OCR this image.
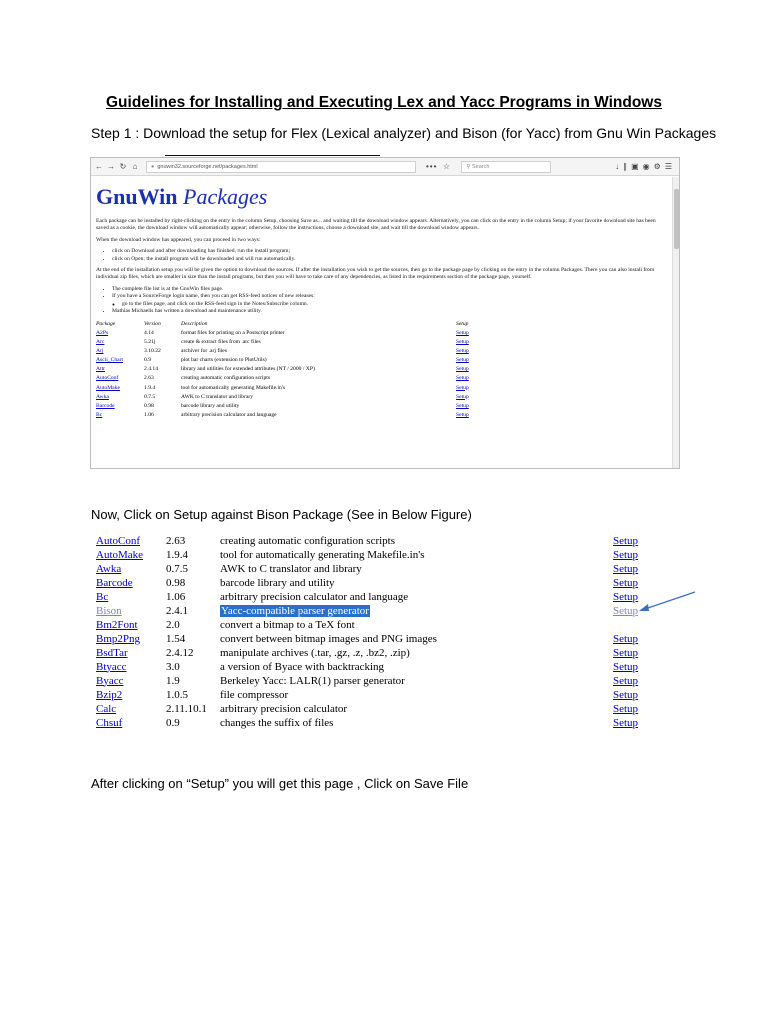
Guidelines for Installing and Executing Lex and Yacc Programs in Windows
Step 1 : Download the setup for Flex (Lexical analyzer) and Bison (for Yacc) from Gnu Win Packages
← → ↻ ⌂	● gnuwin32.sourceforge.net/packages.html	••• ☆	⚲ Search	↓∥▣◉⚙☰
GnuWin Packages

Each package can be installed by right-clicking on the entry in the column Setup, choosing Save as... and waiting till the download window appears. Alternatively, you can click on the entry in the column Setup; if your favorite download site has been saved as a cookie, the download window will automatically appear; otherwise, follow the instructions, choose a download site, and wait till the download window appears.

When the download window has appeared, you can proceed in two ways:

• click on Download and after downloading has finished, run the install program;
• click on Open; the install program will be downloaded and will run automatically.

At the end of the installation setup you will be given the option to download the sources. If after the installation you wish to get the sources, then go to the package page by clicking on the entry in the column Packages. There you can also install from individual zip files, which are smaller in size than the install programs, but then you will have to take care of any dependencies, as listed in the requirements section of the package page, yourself.

• The complete file list is at the GnuWin files page.
• If you have a SourceForge login name, then you can get RSS-feed notices of new releases:
◦ go to the files page, and click on the RSS-feed sign in the Notes/Subscribe column.
• Mathias Michaelis has written a download and maintenance utility.
Package	Version	Description	Setup
A2Ps	4.14	format files for printing on a Postscript printer	Setup
Arc	5.21j	create & extract files from .arc files	Setup
Arj	3.10.22	archiver for .arj files	Setup
Ascii_Chart	0.9	plot bar charts (extension to PlotUtils)	Setup
Attr	2.4.14	library and utilities for extended attributes (NT / 2000 / XP)	Setup
AutoConf	2.63	creating automatic configuration scripts	Setup
AutoMake	1.9.4	tool for automatically generating Makefile.in's	Setup
Awka	0.7.5	AWK to C translator and library	Setup
Barcode	0.98	barcode library and utility	Setup
Bc	1.06	arbitrary precision calculator and language	Setup
Now, Click on Setup against Bison Package (See in Below Figure)
AutoConf	2.63	creating automatic configuration scripts	Setup
AutoMake	1.9.4	tool for automatically generating Makefile.in's	Setup
Awka	0.7.5	AWK to C translator and library	Setup
Barcode	0.98	barcode library and utility	Setup
Bc	1.06	arbitrary precision calculator and language	Setup
Bison	2.4.1	Yacc-compatible parser generator	Setup
Bm2Font	2.0	convert a bitmap to a TeX font	
Bmp2Png	1.54	convert between bitmap images and PNG images	Setup
BsdTar	2.4.12	manipulate archives (.tar, .gz, .z, .bz2, .zip)	Setup
Btyacc	3.0	a version of Byace with backtracking	Setup
Byacc	1.9	Berkeley Yacc: LALR(1) parser generator	Setup
Bzip2	1.0.5	file compressor	Setup
Calc	2.11.10.1	arbitrary precision calculator	Setup
Chsuf	0.9	changes the suffix of files	Setup
After clicking on “Setup” you will get this page , Click on Save File
